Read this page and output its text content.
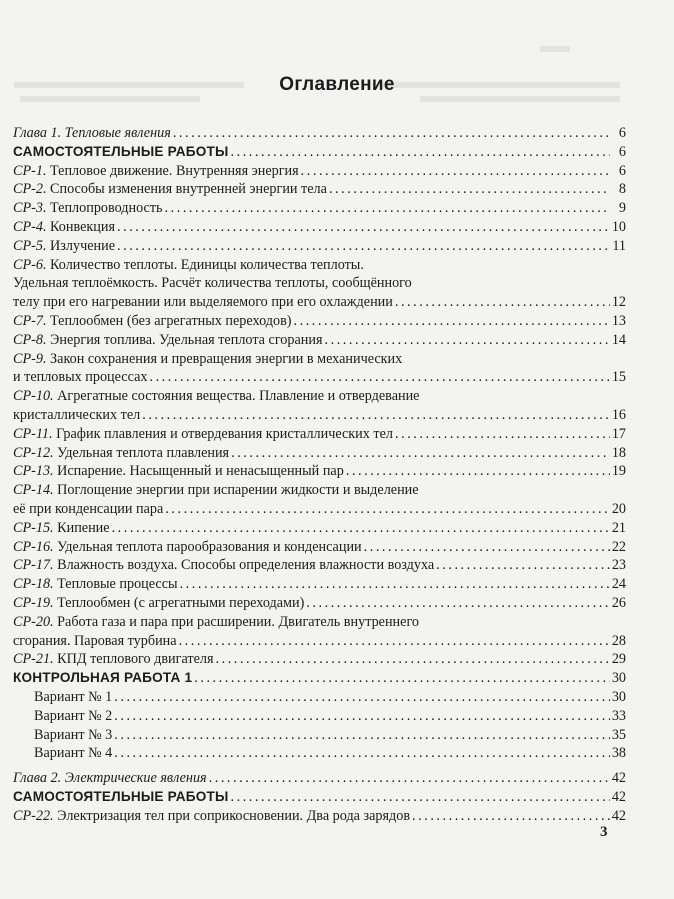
Оглавление
Глава 1. Тепловые явления . . .	6
САМОСТОЯТЕЛЬНЫЕ РАБОТЫ . . .	6
СР-1. Тепловое движение. Внутренняя энергия . . .	6
СР-2. Способы изменения внутренней энергии тела . . .	8
СР-3. Теплопроводность . . .	9
СР-4. Конвекция . . .	10
СР-5. Излучение . . .	11
СР-6. Количество теплоты. Единицы количества теплоты.
Удельная теплоёмкость. Расчёт количества теплоты, сообщённого
телу при его нагревании или выделяемого при его охлаждении . . .	12
СР-7. Теплообмен (без агрегатных переходов) . . .	13
СР-8. Энергия топлива. Удельная теплота сгорания . . .	14
СР-9. Закон сохранения и превращения энергии в механических
и тепловых процессах . . .	15
СР-10. Агрегатные состояния вещества. Плавление и отвердевание
кристаллических тел . . .	16
СР-11. График плавления и отвердевания кристаллических тел . . .	17
СР-12. Удельная теплота плавления . . .	18
СР-13. Испарение. Насыщенный и ненасыщенный пар . . .	19
СР-14. Поглощение энергии при испарении жидкости и выделение
её при конденсации пара . . .	20
СР-15. Кипение . . .	21
СР-16. Удельная теплота парообразования и конденсации . . .	22
СР-17. Влажность воздуха. Способы определения влажности воздуха . . .	23
СР-18. Тепловые процессы . . .	24
СР-19. Теплообмен (с агрегатными переходами) . . .	26
СР-20. Работа газа и пара при расширении. Двигатель внутреннего
сгорания. Паровая турбина . . .	28
СР-21. КПД теплового двигателя . . .	29
КОНТРОЛЬНАЯ РАБОТА 1 . . .	30
Вариант № 1 . . .	30
Вариант № 2 . . .	33
Вариант № 3 . . .	35
Вариант № 4 . . .	38
Глава 2. Электрические явления . . .	42
САМОСТОЯТЕЛЬНЫЕ РАБОТЫ . . .	42
СР-22. Электризация тел при соприкосновении. Два рода зарядов . . .	42
3
